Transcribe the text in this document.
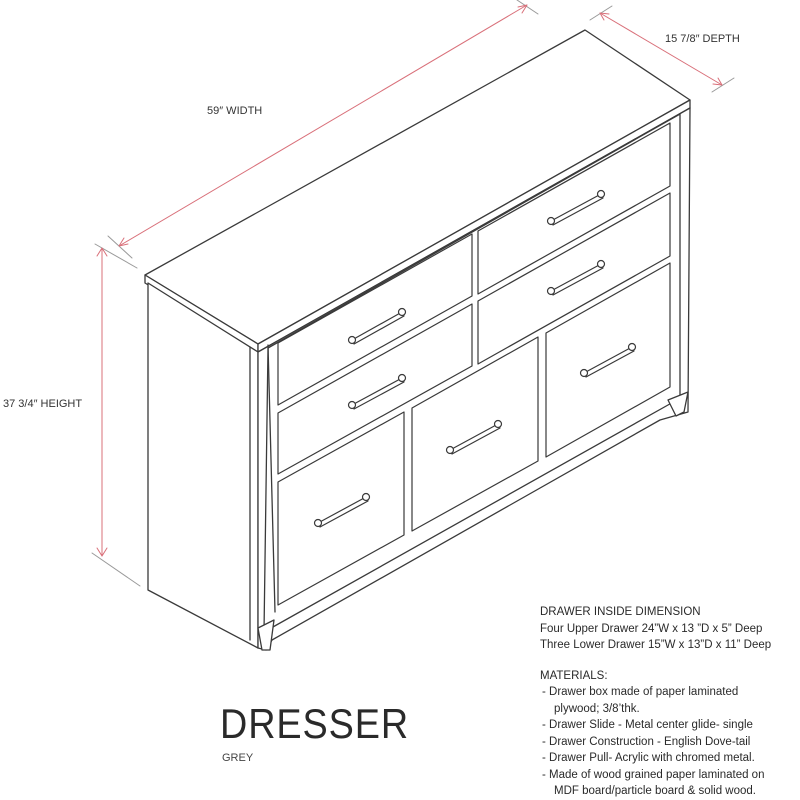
59″ WIDTH
15 7/8″ DEPTH
37 3/4″ HEIGHT
DRESSER
GREY
DRAWER INSIDE DIMENSION
Four Upper Drawer 24”W x 13 ”D x 5” Deep
Three Lower Drawer 15”W x 13”D x 11” Deep
MATERIALS:
- Drawer box made of paper laminated
plywood; 3/8’thk.
- Drawer Slide - Metal center glide- single
- Drawer Construction - English Dove-tail
- Drawer Pull- Acrylic with chromed metal.
- Made of wood grained paper laminated on
MDF board/particle board & solid wood.
